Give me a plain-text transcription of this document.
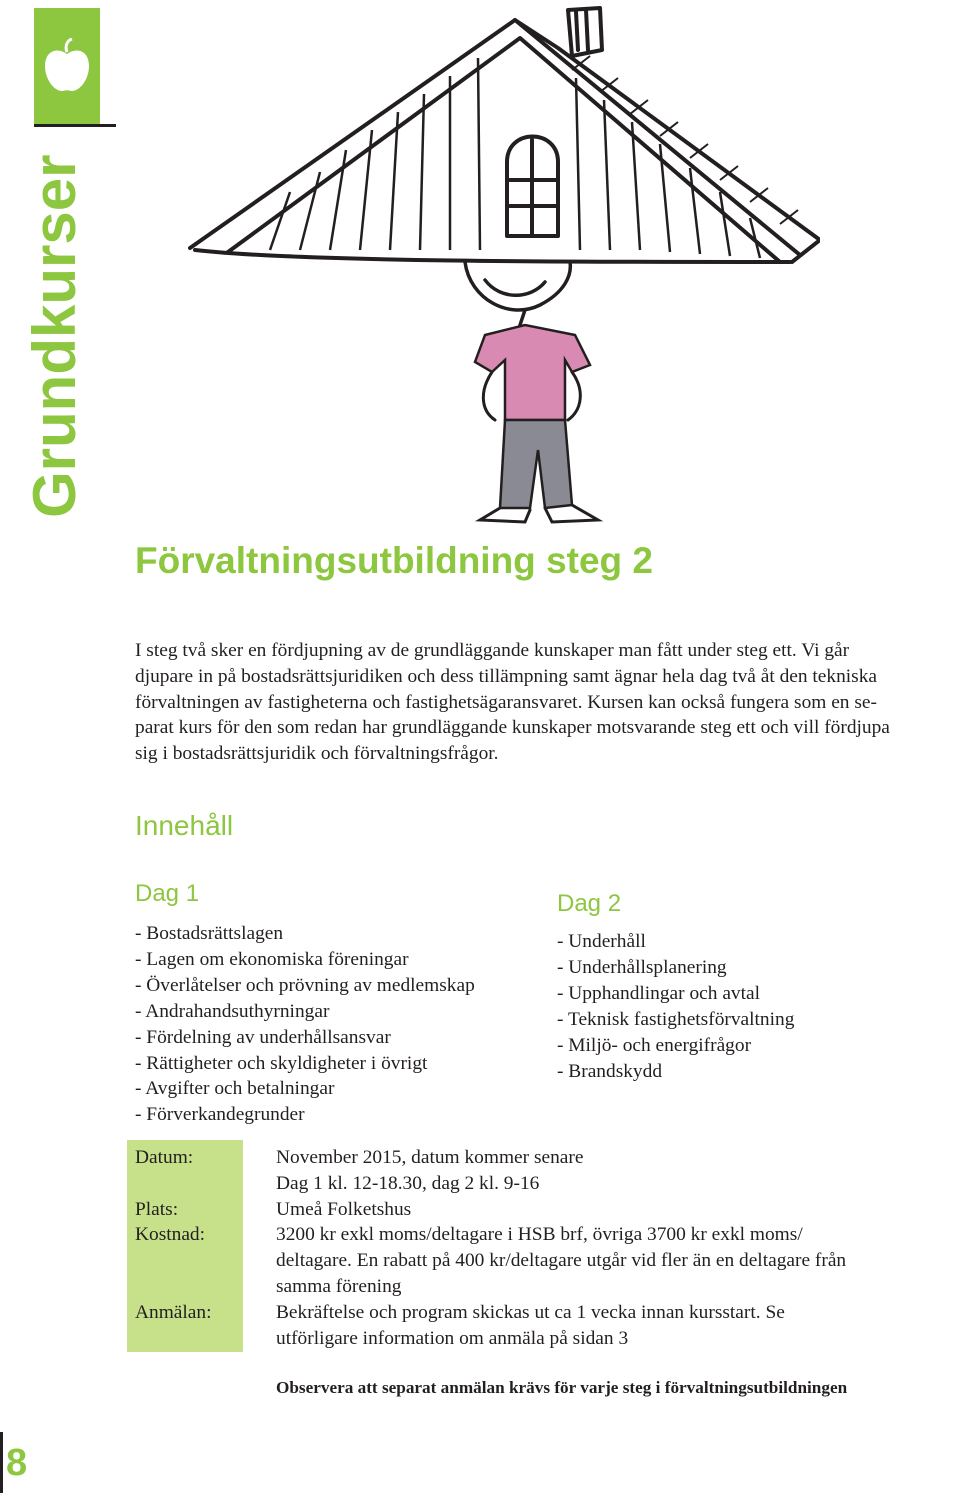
Grundkurser
8
Förvaltningsutbildning steg 2

I steg två sker en fördjupning av de grundläggande kunskaper man fått under steg ett. Vi går

djupare in på bostadsrättsjuridiken och dess tillämpning samt ägnar hela dag två åt den tekniska

förvaltningen av fastigheterna och fastighetsägaransvaret. Kursen kan också fungera som en se-

parat kurs för den som redan har grundläggande kunskaper motsvarande steg ett och vill fördjupa

sig i bostadsrättsjuridik och förvaltningsfrågor.

Innehåll
Dag 1
- Bostadsrättslagen
- Lagen om ekonomiska föreningar
- Överlåtelser och prövning av medlemskap
- Andrahandsuthyrningar
- Fördelning av underhållsansvar
- Rättigheter och skyldigheter i övrigt
- Avgifter och betalningar
- Förverkandegrunder
Dag 2
- Underhåll
- Underhållsplanering
- Upphandlingar och avtal
- Teknisk fastighetsförvaltning
- Miljö- och energifrågor
- Brandskydd
Datum:
Plats:
Kostnad:
Anmälan:
November 2015, datum kommer senare
Dag 1 kl. 12-18.30, dag 2 kl. 9-16
Umeå Folketshus
3200 kr exkl moms/deltagare i HSB brf, övriga 3700 kr exkl moms/
deltagare. En rabatt på 400 kr/deltagare utgår vid fler än en deltagare från
samma förening
Bekräftelse och program skickas ut ca 1 vecka innan kursstart. Se
utförligare information om anmäla på sidan 3

Observera att separat anmälan krävs för varje steg i förvaltningsutbildningen
